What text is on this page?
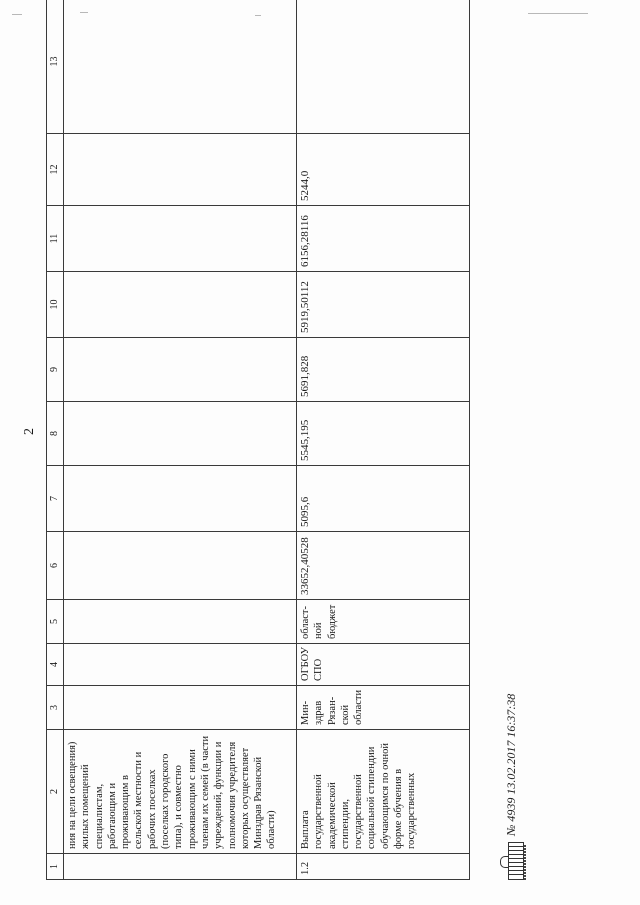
2
1	2	3	4	5	6	7	8	9	10	11	12	13
	ния на цели освещения) жилых помещений специалистам, работающим и проживающим в сельской местности и рабочих поселках (поселках городского типа), и совместно проживающим с ними членам их семей (в части учреждений, функции и полномочия учредителя которых осуществляет Минздрав Рязанской области)											
1.2	Выплата государственной академической стипендии, государственной социальной стипендии обучающимся по очной форме обучения в государственных	Мин-здрав Рязан-ской области	ОГБОУ СПО	област-ной бюджет	33652,40528	5095,6	5545,195	5691,828	5919,50112	6156,28116	5244,0	
№ 4939 13.02.2017 16:37:38
